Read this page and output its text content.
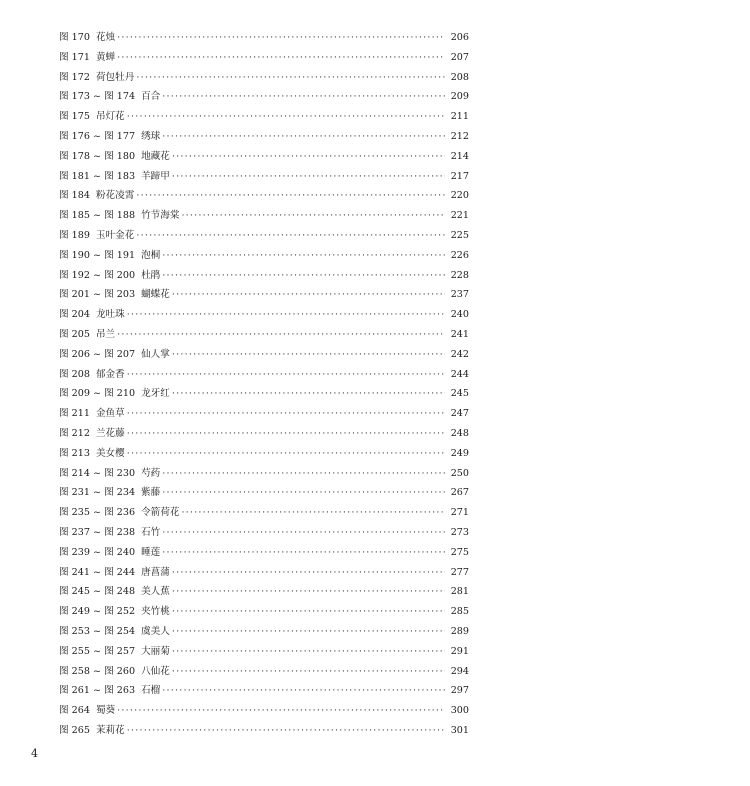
图 170 花烛 ·····	206
图 171 黄蝉 ·····	207
图 172 荷包牡丹 ·····	208
图 173 ~ 图 174 百合 ·····	209
图 175 吊灯花 ·····	211
图 176 ~ 图 177 绣球 ·····	212
图 178 ~ 图 180 地藏花 ·····	214
图 181 ~ 图 183 羊蹄甲 ·····	217
图 184 粉花凌霄 ·····	220
图 185 ~ 图 188 竹节海棠 ·····	221
图 189 玉叶金花 ·····	225
图 190 ~ 图 191 泡桐 ·····	226
图 192 ~ 图 200 杜鹃 ·····	228
图 201 ~ 图 203 蝴蝶花 ·····	237
图 204 龙吐珠 ·····	240
图 205 吊兰 ·····	241
图 206 ~ 图 207 仙人掌 ·····	242
图 208 郁金香 ·····	244
图 209 ~ 图 210 龙牙红 ·····	245
图 211 金鱼草 ·····	247
图 212 兰花藤 ·····	248
图 213 美女樱 ·····	249
图 214 ~ 图 230 芍药 ·····	250
图 231 ~ 图 234 紫藤 ·····	267
图 235 ~ 图 236 令箭荷花 ·····	271
图 237 ~ 图 238 石竹 ·····	273
图 239 ~ 图 240 睡莲 ·····	275
图 241 ~ 图 244 唐菖蒲 ·····	277
图 245 ~ 图 248 美人蕉 ·····	281
图 249 ~ 图 252 夹竹桃 ·····	285
图 253 ~ 图 254 虞美人 ·····	289
图 255 ~ 图 257 大丽菊 ·····	291
图 258 ~ 图 260 八仙花 ·····	294
图 261 ~ 图 263 石榴 ·····	297
图 264 蜀葵 ·····	300
图 265 茉莉花 ·····	301
4
